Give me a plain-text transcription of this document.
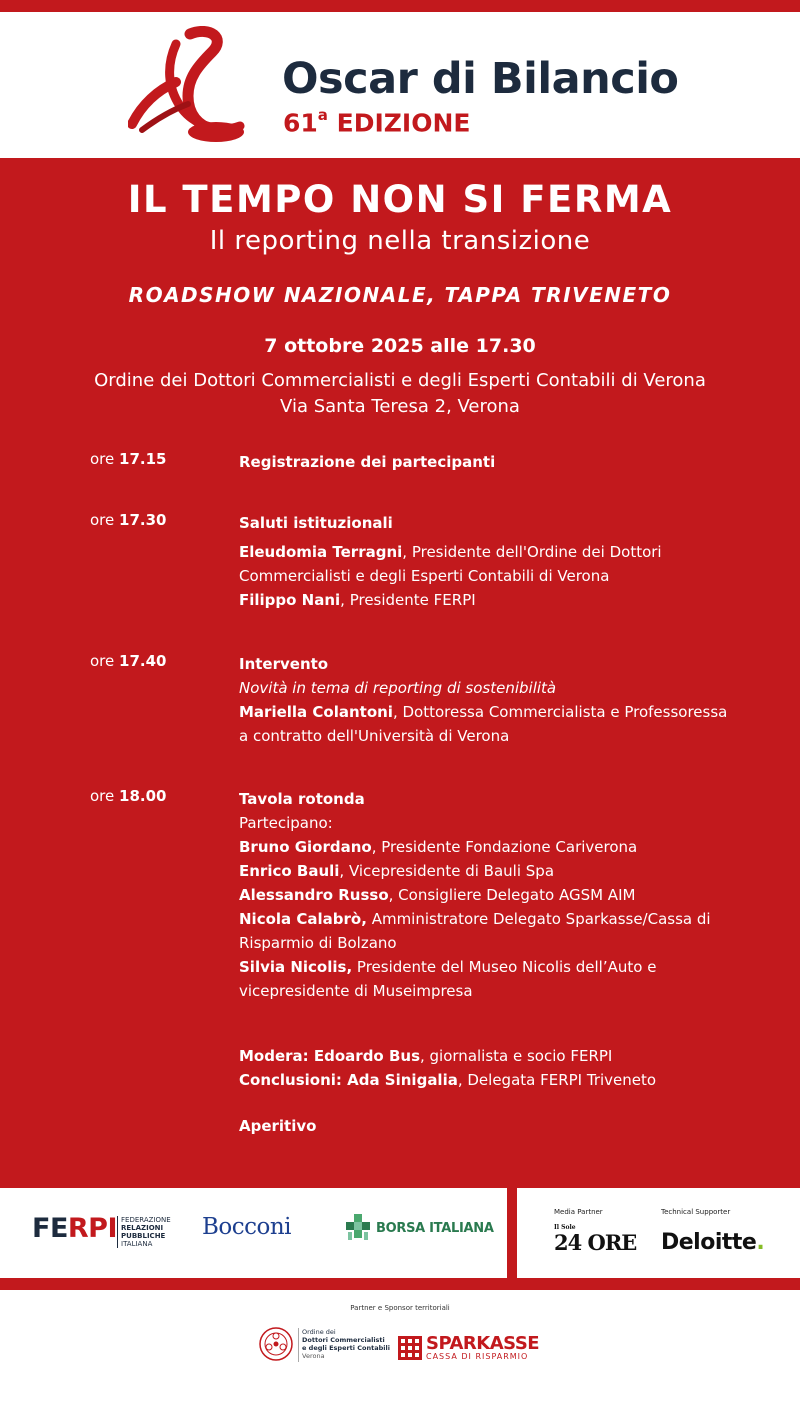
Oscar di Bilancio
61$^a$ EDIZIONE
IL TEMPO NON SI FERMA
Il reporting nella transizione
ROADSHOW NAZIONALE, TAPPA TRIVENETO
7 ottobre 2025 alle 17.30
Ordine dei Dottori Commercialisti e degli Esperti Contabili di Verona
Via Santa Teresa 2, Verona
ore 17.15	Registrazione dei partecipanti
ore 17.30	Saluti istituzionali
Eleudomia Terragni, Presidente dell'Ordine dei Dottori
Commercialisti e degli Esperti Contabili di Verona
Filippo Nani, Presidente FERPI
ore 17.40	Intervento
Novità in tema di reporting di sostenibilità
Mariella Colantoni, Dottoressa Commercialista e Professoressa
a contratto dell'Università di Verona
ore 18.00	Tavola rotonda
Partecipano:
Bruno Giordano, Presidente Fondazione Cariverona
Enrico Bauli, Vicepresidente di Bauli Spa
Alessandro Russo, Consigliere Delegato AGSM AIM
Nicola Calabrò, Amministratore Delegato Sparkasse/Cassa di
Risparmio di Bolzano
Silvia Nicolis, Presidente del Museo Nicolis dell’Auto e
vicepresidente di Museimpresa
Modera: Edoardo Bus, giornalista e socio FERPI
Conclusioni: Ada Sinigalia, Delegata FERPI Triveneto
Aperitivo
FERPI FEDERAZIONE
RELAZIONI
PUBBLICHE
ITALIANA
Bocconi	BORSA ITALIANA
Media Partner
Il Sole
24 ORE
Technical Supporter
Deloitte.
Partner e Sponsor territoriali
Ordine dei
Dottori Commercialisti
e degli Esperti Contabili
Verona
SPARKASSE
CASSA DI RISPARMIO
